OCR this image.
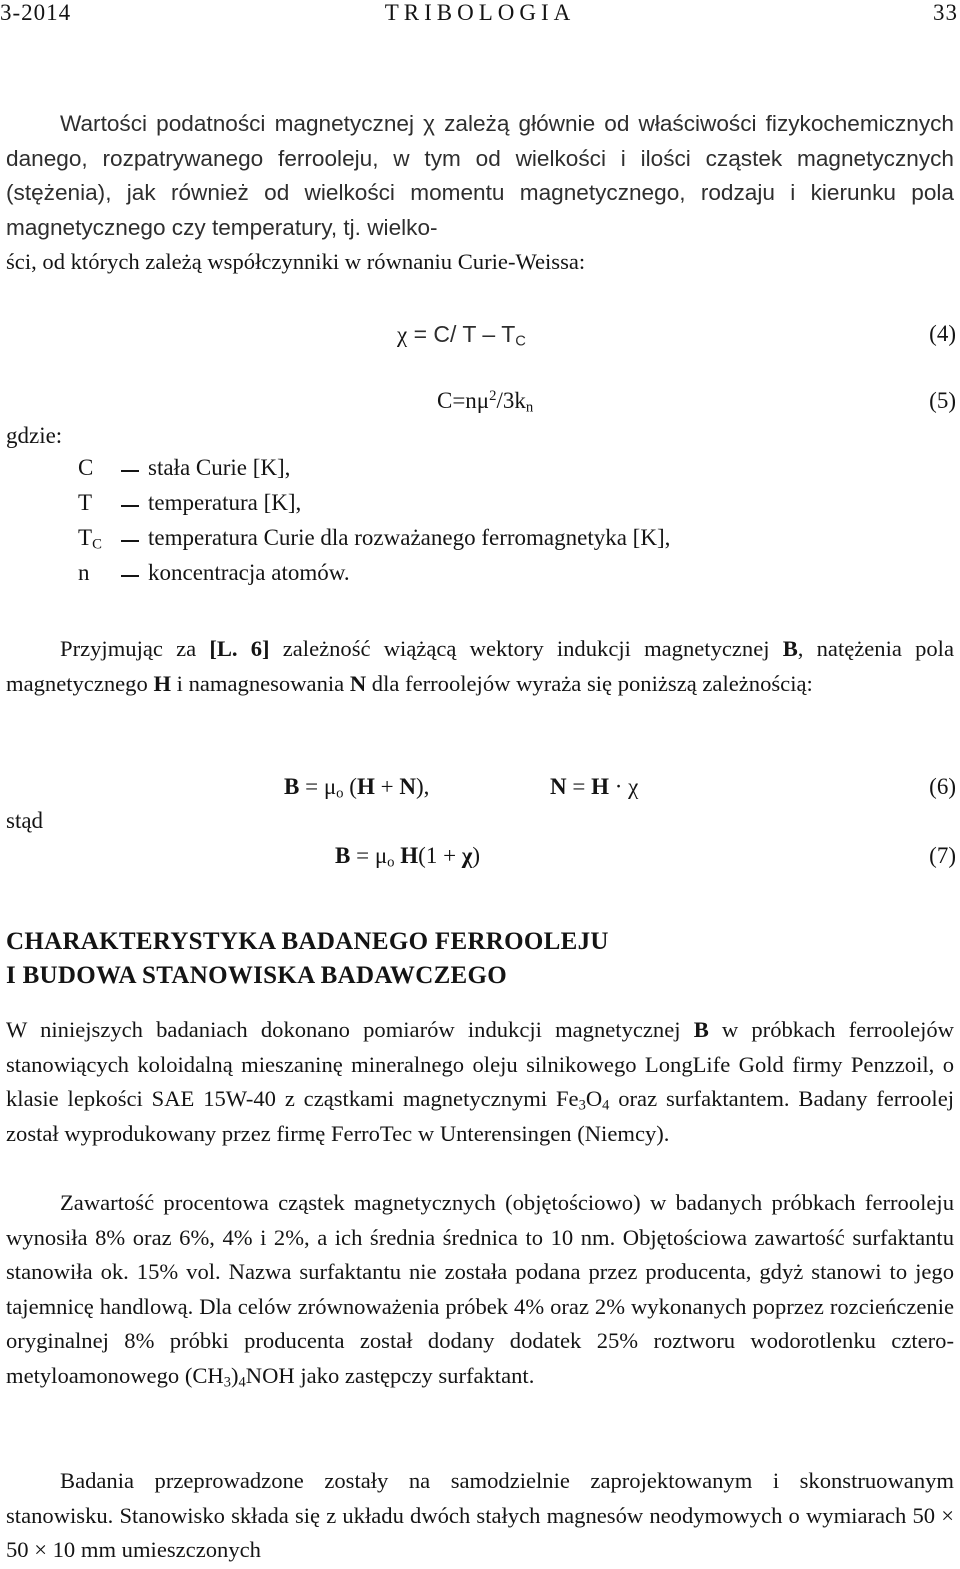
3-2014	TRIBOLOGIA	33
Wartości podatności magnetycznej χ zależą głównie od właściwości fizykochemicznych danego, rozpatrywanego ferrooleju, w tym od wielkości i ilości cząstek magnetycznych (stężenia), jak również od wielkości momentu magnetycznego, rodzaju i kierunku pola magnetycznego czy temperatury, tj. wielko-
ści, od których zależą współczynniki w równaniu Curie-Weissa:
χ = C/ T – $T_C$	(4)
$C=n\mu^2/3k_n$	(5)
gdzie:
C	stała Curie [K],
T	temperatura [K],
$T_C$	temperatura Curie dla rozważanego ferromagnetyka [K],
n	koncentracja atomów.
Przyjmując za [L. 6] zależność wiążącą wektory indukcji magnetycznej B, natężenia pola magnetycznego H i namagnesowania N dla ferroolejów wyraża się poniższą zależnością:
$B = \mu_o$ (H + N),	N = H · χ	(6)
stąd
$B = \mu_o$ H(1 + χ)	(7)
CHARAKTERYSTYKA BADANEGO FERROOLEJU
I BUDOWA STANOWISKA BADAWCZEGO
W niniejszych badaniach dokonano pomiarów indukcji magnetycznej B w próbkach ferroolejów stanowiących koloidalną mieszaninę mineralnego oleju silnikowego LongLife Gold firmy Penzzoil, o klasie lepkości SAE 15W-40 z cząstkami magnetycznymi $Fe_3O_4$ oraz surfaktantem. Badany ferroolej został wyprodukowany przez firmę FerroTec w Unterensingen (Niemcy).
Zawartość procentowa cząstek magnetycznych (objętościowo) w badanych próbkach ferrooleju wynosiła 8% oraz 6%, 4% i 2%, a ich średnia średnica to 10 nm. Objętościowa zawartość surfaktantu stanowiła ok. 15% vol. Nazwa surfaktantu nie została podana przez producenta, gdyż stanowi to jego tajemnicę handlową. Dla celów zrównoważenia próbek 4% oraz 2% wykonanych poprzez rozcieńczenie oryginalnej 8% próbki producenta został dodany dodatek 25% roztworu wodorotlenku cztero-metyloamonowego $(CH_3)_4NOH$ jako zastępczy surfaktant.
Badania przeprowadzone zostały na samodzielnie zaprojektowanym i skonstruowanym stanowisku. Stanowisko składa się z układu dwóch stałych magnesów neodymowych o wymiarach 50 × 50 × 10 mm umieszczonych
